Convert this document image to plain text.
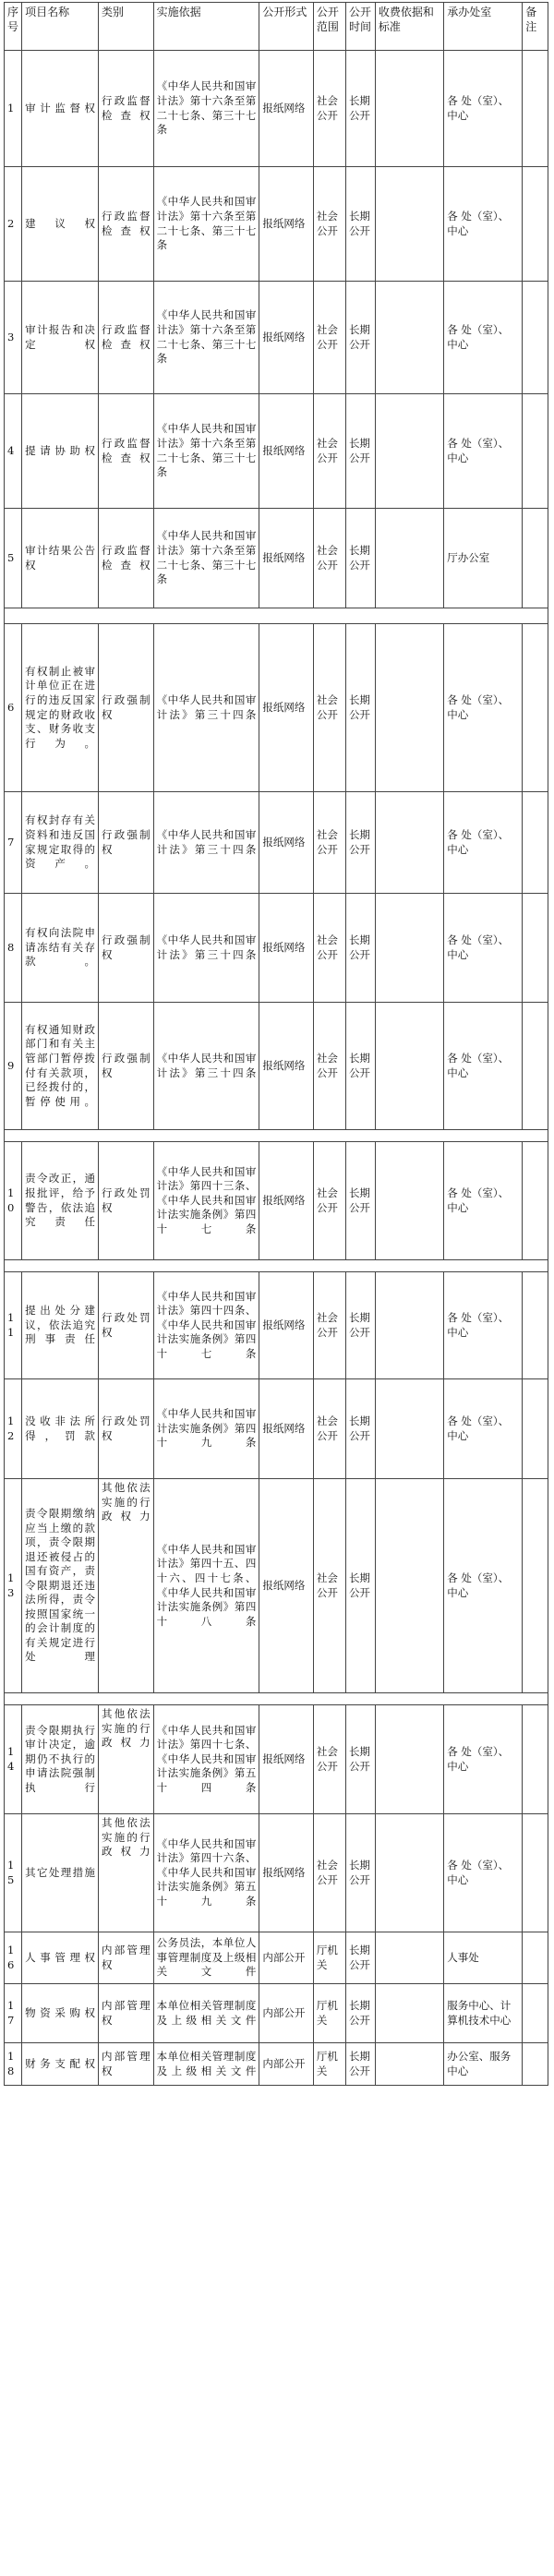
序号	项目名称	类别	实施依据	公开形式	公开范围	公开时间	收费依据和标准	承办处室	备注
1	审计监督权	行政监督检查权	《中华人民共和国审计法》第十六条至第二十七条、第三十七条	报纸网络	社会公开	长期公开		各 处（室）、中心	
2	建议权	行政监督检查权	《中华人民共和国审计法》第十六条至第二十七条、第三十七条	报纸网络	社会公开	长期公开		各 处（室）、中心	
3	审计报告和决定权	行政监督检查权	《中华人民共和国审计法》第十六条至第二十七条、第三十七条	报纸网络	社会公开	长期公开		各 处（室）、中心	
4	提请协助权	行政监督检查权	《中华人民共和国审计法》第十六条至第二十七条、第三十七条	报纸网络	社会公开	长期公开		各 处（室）、中心	
5	审计结果公告权	行政监督检查权	《中华人民共和国审计法》第十六条至第二十七条、第三十七条	报纸网络	社会公开	长期公开		厅办公室	

6	有权制止被审计单位正在进行的违反国家规定的财政收支、财务收支行为。	行政强制权	《中华人民共和国审计法》第三十四条	报纸网络	社会公开	长期公开		各 处（室）、中心	
7	有权封存有关资料和违反国家规定取得的资产。	行政强制权	《中华人民共和国审计法》第三十四条	报纸网络	社会公开	长期公开		各 处（室）、中心	
8	有权向法院申请冻结有关存款。	行政强制权	《中华人民共和国审计法》第三十四条	报纸网络	社会公开	长期公开		各 处（室）、中心	
9	有权通知财政部门和有关主管部门暂停拨付有关款项，已经拨付的，暂停使用。	行政强制权	《中华人民共和国审计法》第三十四条	报纸网络	社会公开	长期公开		各 处（室）、中心	

10	责令改正，通报批评，给予警告，依法追究责任	行政处罚权	《中华人民共和国审计法》第四十三条、《中华人民共和国审计法实施条例》第四十七条	报纸网络	社会公开	长期公开		各 处（室）、中心	

11	提出处分建议，依法追究刑事责任	行政处罚权	《中华人民共和国审计法》第四十四条、《中华人民共和国审计法实施条例》第四十七条	报纸网络	社会公开	长期公开		各 处（室）、中心	
12	没收非法所得，罚款	行政处罚权	《中华人民共和国审计法实施条例》第四十九条	报纸网络	社会公开	长期公开		各 处（室）、中心	
13	责令限期缴纳应当上缴的款项，责令限期退还被侵占的国有资产，责令限期退还违法所得，责令按照国家统一的会计制度的有关规定进行处理	其他依法实施的行政权力	《中华人民共和国审计法》第四十五、四十六、四十七条、《中华人民共和国审计法实施条例》第四十八条	报纸网络	社会公开	长期公开		各 处（室）、中心	

14	责令限期执行审计决定，逾期仍不执行的申请法院强制执行	其他依法实施的行政权力	《中华人民共和国审计法》第四十七条、《中华人民共和国审计法实施条例》第五十四条	报纸网络	社会公开	长期公开		各 处（室）、中心	
15	其它处理措施	其他依法实施的行政权力	《中华人民共和国审计法》第四十六条、《中华人民共和国审计法实施条例》第五十九条	报纸网络	社会公开	长期公开		各 处（室）、中心	
16	人事管理权	内部管理权	公务员法，本单位人事管理制度及上级相关文件	内部公开	厅机关	长期公开		人事处	
17	物资采购权	内部管理权	本单位相关管理制度及上级相关文件	内部公开	厅机关	长期公开		服务中心、计算机技术中心	
18	财务支配权	内部管理权	本单位相关管理制度及上级相关文件	内部公开	厅机关	长期公开		办公室、服务中心	
